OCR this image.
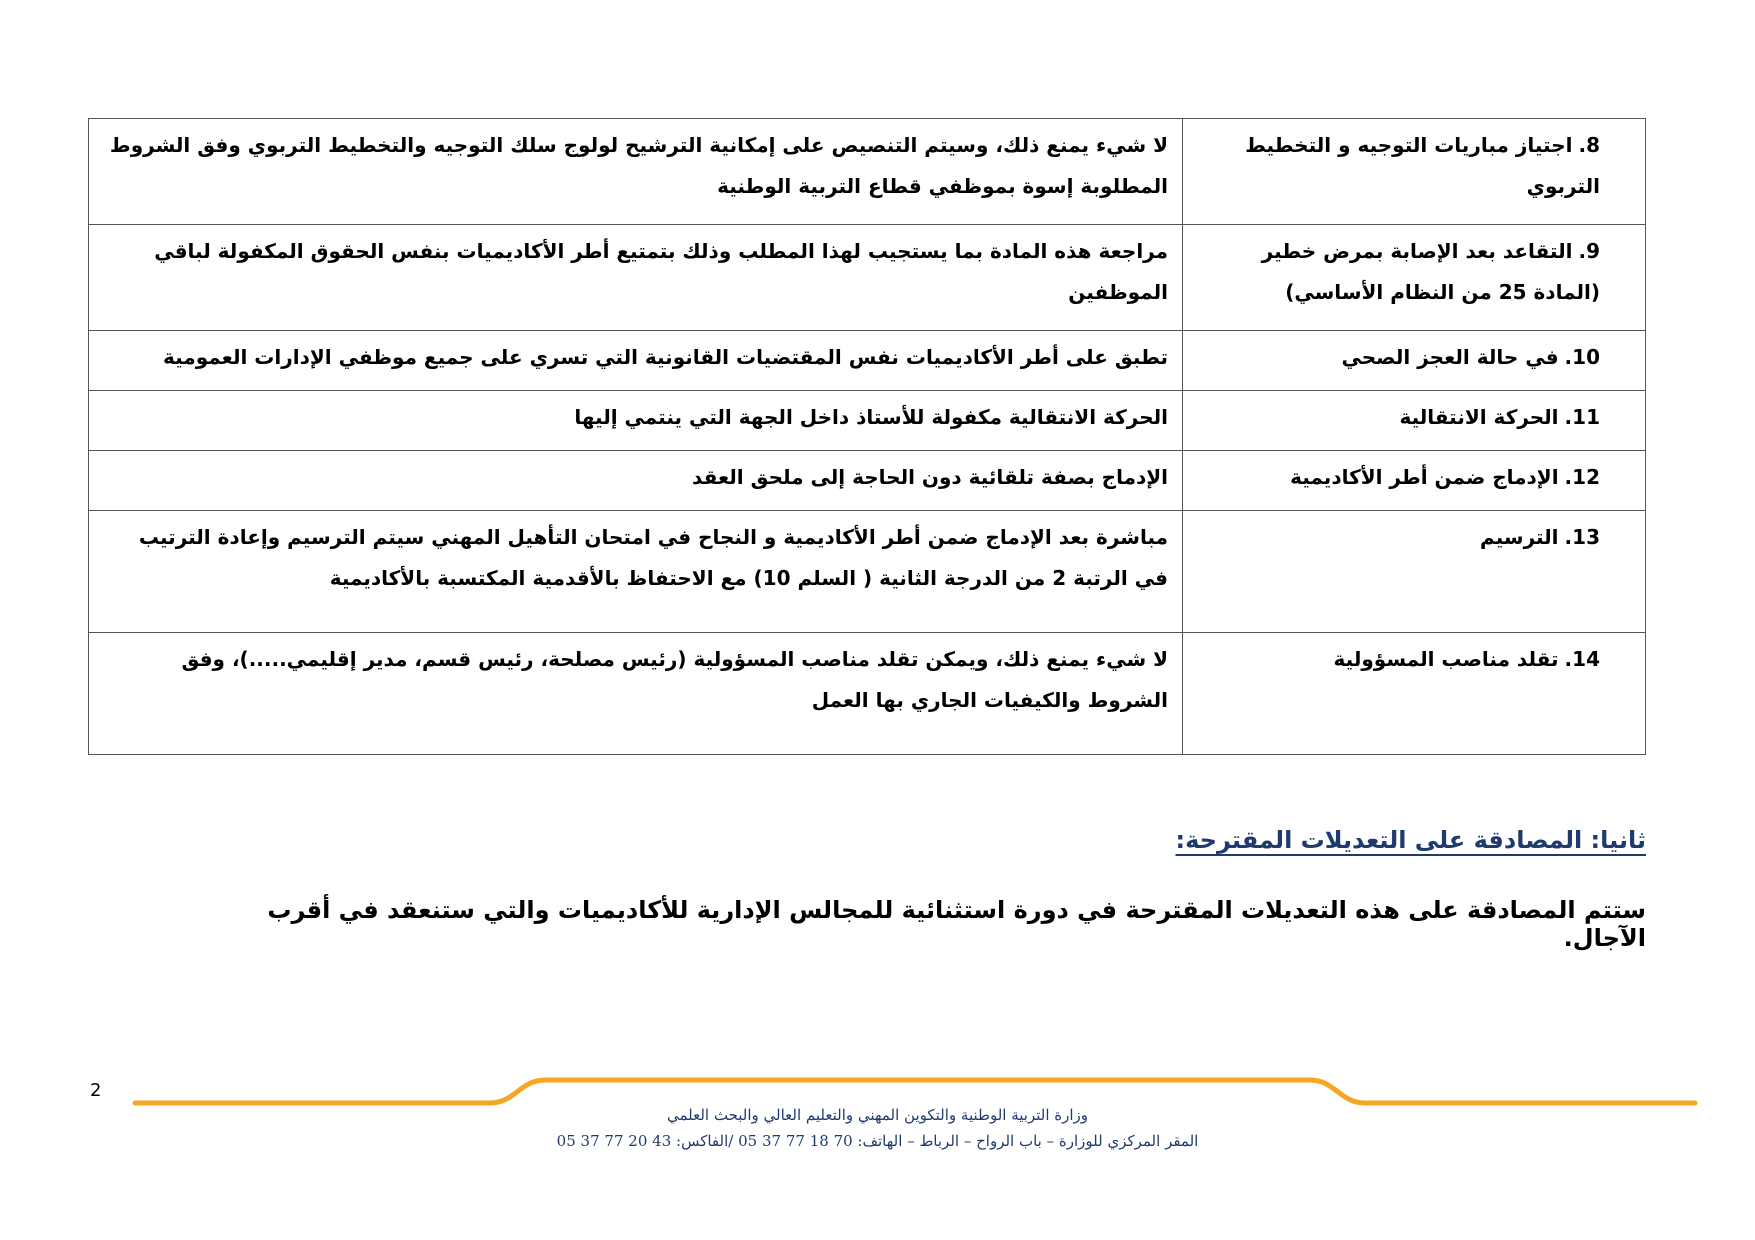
8.اجتياز مباريات التوجيه و التخطيط التربوي	لا شيء يمنع ذلك، وسيتم التنصيص على إمكانية الترشيح لولوج سلك التوجيه والتخطيط التربوي وفق الشروط المطلوبة إسوة بموظفي قطاع التربية الوطنية
9.التقاعد بعد الإصابة بمرض خطير (المادة 25 من النظام الأساسي)	مراجعة هذه المادة بما يستجيب لهذا المطلب وذلك بتمتيع أطر الأكاديميات بنفس الحقوق المكفولة لباقي الموظفين
10.في حالة العجز الصحي	تطبق على أطر الأكاديميات نفس المقتضيات القانونية التي تسري على جميع موظفي الإدارات العمومية
11.الحركة الانتقالية	الحركة الانتقالية مكفولة للأستاذ داخل الجهة التي ينتمي إليها
12.الإدماج ضمن أطر الأكاديمية	الإدماج بصفة تلقائية دون الحاجة إلى ملحق العقد
13.الترسيم	مباشرة بعد الإدماج ضمن أطر الأكاديمية و النجاح في امتحان التأهيل المهني سيتم الترسيم وإعادة الترتيب في الرتبة 2 من الدرجة الثانية ( السلم 10) مع الاحتفاظ بالأقدمية المكتسبة بالأكاديمية
14.تقلد مناصب المسؤولية	لا شيء يمنع ذلك، ويمكن تقلد مناصب المسؤولية (رئيس مصلحة، رئيس قسم، مدير إقليمي.....)، وفق الشروط والكيفيات الجاري بها العمل
ثانيا: المصادقة على التعديلات المقترحة:
ستتم المصادقة على هذه التعديلات المقترحة في دورة استثنائية للمجالس الإدارية للأكاديميات والتي ستنعقد في أقرب الآجال.
2
وزارة التربية الوطنية والتكوين المهني والتعليم العالي والبحث العلمي
المقر المركزي للوزارة – باب الرواح – الرباط – الهاتف: 70 18 77 37 05 /الفاكس: 43 20 77 37 05
